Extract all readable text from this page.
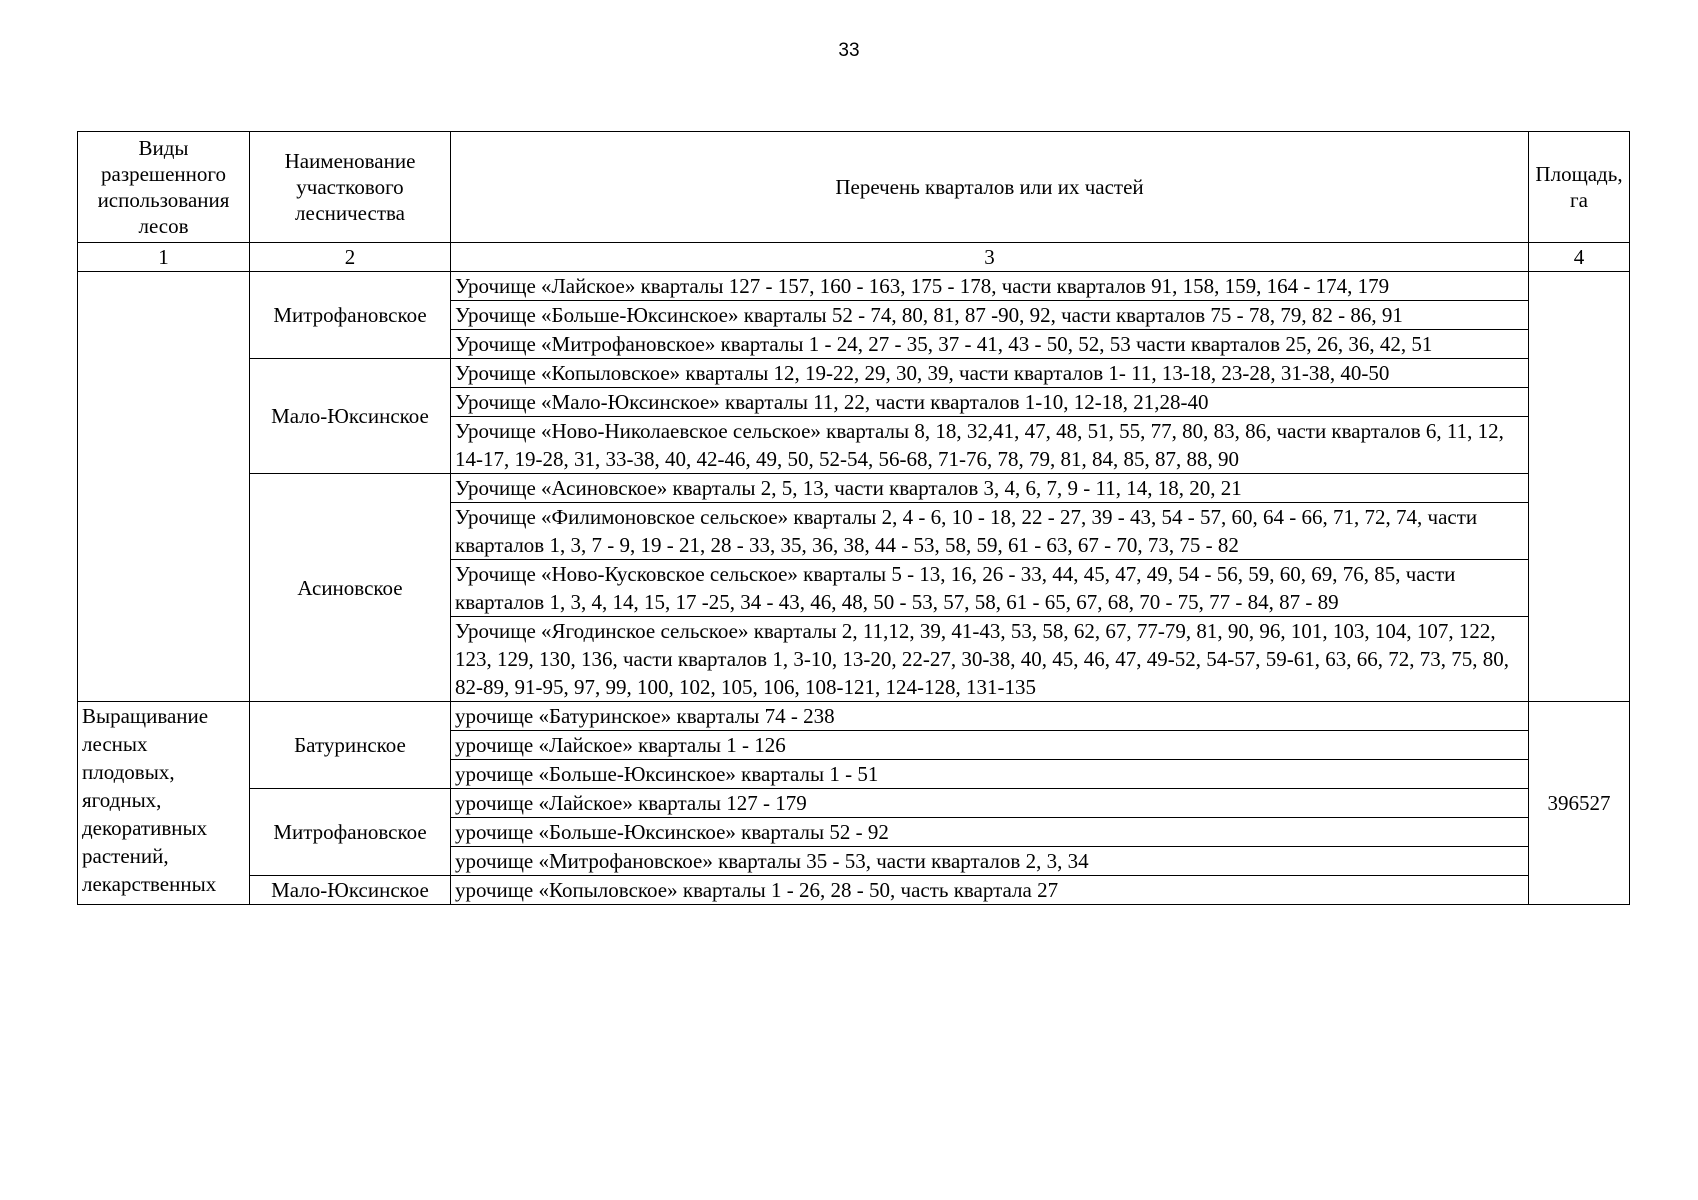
33
Виды разрешенного использования лесов	Наименование участкового лесничества	Перечень кварталов или их частей	Площадь, га
1	2	3	4
	Митрофановское	Урочище «Лайское» кварталы 127 - 157, 160 - 163, 175 - 178, части кварталов 91, 158, 159, 164 - 174, 179	
		Урочище «Больше-Юксинское» кварталы 52 - 74, 80, 81, 87 -90, 92, части кварталов 75 - 78, 79, 82 - 86, 91	
		Урочище «Митрофановское» кварталы 1 - 24, 27 - 35, 37 - 41, 43 - 50, 52, 53 части кварталов 25, 26, 36, 42, 51	
	Мало-Юксинское	Урочище «Копыловское» кварталы 12, 19-22, 29, 30, 39, части кварталов 1- 11, 13-18, 23-28, 31-38, 40-50	
		Урочище «Мало-Юксинское» кварталы 11, 22, части кварталов 1-10, 12-18, 21,28-40	
		Урочище «Ново-Николаевское сельское» кварталы 8, 18, 32,41, 47, 48, 51, 55, 77, 80, 83, 86, части кварталов 6, 11, 12, 14-17, 19-28, 31, 33-38, 40, 42-46, 49, 50, 52-54, 56-68, 71-76, 78, 79, 81, 84, 85, 87, 88, 90	
	Асиновское	Урочище «Асиновское» кварталы 2, 5, 13, части кварталов 3, 4, 6, 7, 9 - 11, 14, 18, 20, 21	
		Урочище «Филимоновское сельское» кварталы 2, 4 - 6, 10 - 18, 22 - 27, 39 - 43, 54 - 57, 60, 64 - 66, 71, 72, 74, части кварталов 1, 3, 7 - 9, 19 - 21, 28 - 33, 35, 36, 38, 44 - 53, 58, 59, 61 - 63, 67 - 70, 73, 75 - 82	
		Урочище «Ново-Кусковское сельское» кварталы 5 - 13, 16, 26 - 33, 44, 45, 47, 49, 54 - 56, 59, 60, 69, 76, 85, части кварталов 1, 3, 4, 14, 15, 17 -25, 34 - 43, 46, 48, 50 - 53, 57, 58, 61 - 65, 67, 68, 70 - 75, 77 - 84, 87 - 89	
		Урочище «Ягодинское сельское» кварталы 2, 11,12, 39, 41-43, 53, 58, 62, 67, 77-79, 81, 90, 96, 101, 103, 104, 107, 122, 123, 129, 130, 136, части кварталов 1, 3-10, 13-20, 22-27, 30-38, 40, 45, 46, 47, 49-52, 54-57, 59-61, 63, 66, 72, 73, 75, 80, 82-89, 91-95, 97, 99, 100, 102, 105, 106, 108-121, 124-128, 131-135	
Выращивание лесных плодовых, ягодных, декоративных растений, лекарственных	Батуринское	урочище «Батуринское» кварталы 74 - 238	396527
		урочище «Лайское» кварталы 1 - 126	
		урочище «Больше-Юксинское» кварталы 1 - 51	
	Митрофановское	урочище «Лайское» кварталы 127 - 179	
		урочище «Больше-Юксинское» кварталы 52 - 92	
		урочище «Митрофановское» кварталы 35 - 53, части кварталов 2, 3, 34	
	Мало-Юксинское	урочище «Копыловское» кварталы 1 - 26, 28 - 50, часть квартала 27	
